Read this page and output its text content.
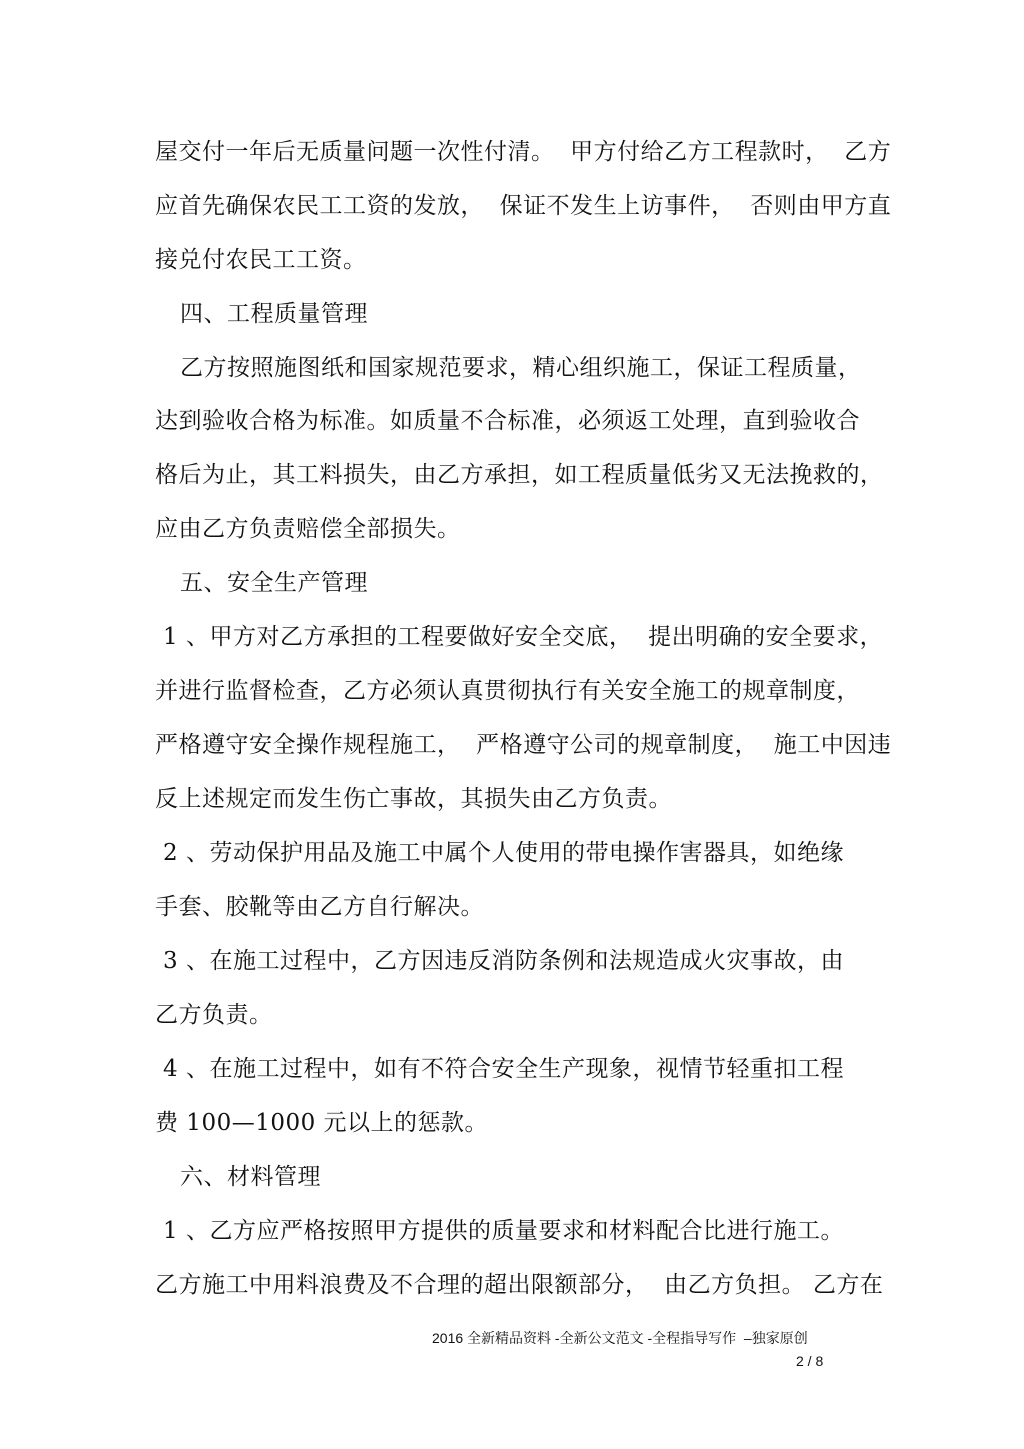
屋交付一年后无质量问题一次性付清。  甲方付给乙方工程款时，  乙方
应首先确保农民工工资的发放，  保证不发生上访事件，  否则由甲方直
接兑付农民工工资。
四、工程质量管理
乙方按照施图纸和国家规范要求，精心组织施工，保证工程质量，
达到验收合格为标准。如质量不合标准，必须返工处理，直到验收合
格后为止，其工料损失，由乙方承担，如工程质量低劣又无法挽救的，
应由乙方负责赔偿全部损失。
五、安全生产管理
1 、甲方对乙方承担的工程要做好安全交底，  提出明确的安全要求，
并进行监督检查，乙方必须认真贯彻执行有关安全施工的规章制度，
严格遵守安全操作规程施工，  严格遵守公司的规章制度，  施工中因违
反上述规定而发生伤亡事故，其损失由乙方负责。
2 、劳动保护用品及施工中属个人使用的带电操作害器具，如绝缘
手套、胶靴等由乙方自行解决。
3 、在施工过程中，乙方因违反消防条例和法规造成火灾事故，由
乙方负责。
4 、在施工过程中，如有不符合安全生产现象，视情节轻重扣工程
费 100—1000 元以上的惩款。
六、材料管理
1 、乙方应严格按照甲方提供的质量要求和材料配合比进行施工。
乙方施工中用料浪费及不合理的超出限额部分，  由乙方负担。 乙方在
2016 全新精品资料 -全新公文范文 -全程指导写作  –独家原创
2 / 8
